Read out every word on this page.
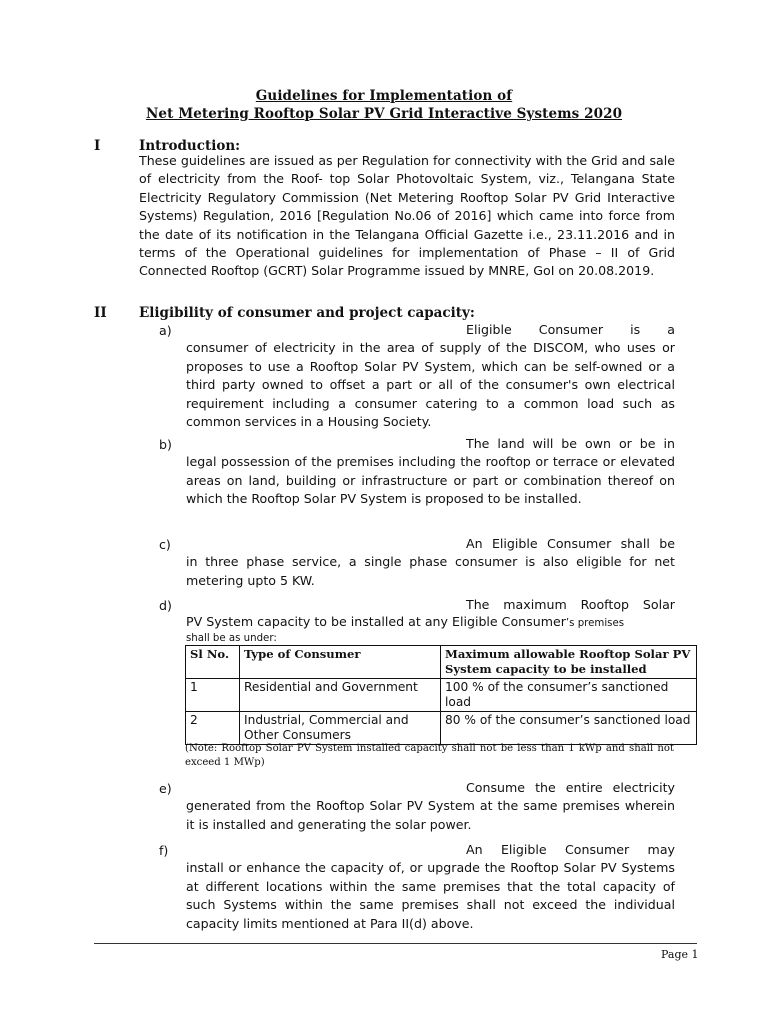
Guidelines for Implementation of
Net Metering Rooftop Solar PV Grid Interactive Systems 2020
I	Introduction:
These guidelines are issued as per Regulation for connectivity with the Grid and sale of electricity from the Roof- top Solar Photovoltaic System, viz., Telangana State Electricity Regulatory Commission (Net Metering Rooftop Solar PV Grid Interactive Systems) Regulation, 2016 [Regulation No.06 of 2016] which came into force from the date of its notification in the Telangana Official Gazette i.e., 23.11.2016 and in terms of the Operational guidelines for implementation of Phase – II of Grid Connected Rooftop (GCRT) Solar Programme issued by MNRE, GoI on 20.08.2019.
II Eligibility of consumer and project capacity:
a)	Eligible Consumer is a
consumer of electricity in the area of supply of the DISCOM, who uses or proposes to use a Rooftop Solar PV System, which can be self-owned or a third party owned to offset a part or all of the consumer's own electrical requirement including a consumer catering to a common load such as common services in a Housing Society.
b)	The land will be own or be in
legal possession of the premises including the rooftop or terrace or elevated areas on land, building or infrastructure or part or combination thereof on which the Rooftop Solar PV System is proposed to be installed.
c)	An Eligible Consumer shall be
in three phase service, a single phase consumer is also eligible for net metering upto 5 KW.
d)	The maximum Rooftop Solar
PV System capacity to be installed at any Eligible Consumer’s premises
shall be as under:
Sl No.	Type of Consumer	Maximum allowable Rooftop Solar PV System capacity to be installed
1	Residential and Government	100 % of the consumer’s sanctioned load
2	Industrial, Commercial and Other Consumers	80 % of the consumer’s sanctioned load
(Note: Rooftop Solar PV System installed capacity shall not be less than 1 kWp and shall not exceed 1 MWp)
e)	Consume the entire electricity
generated from the Rooftop Solar PV System at the same premises wherein it is installed and generating the solar power.
f)	An Eligible Consumer may
install or enhance the capacity of, or upgrade the Rooftop Solar PV Systems at different locations within the same premises that the total capacity of such Systems within the same premises shall not exceed the individual capacity limits mentioned at Para II(d) above.
Page 1
